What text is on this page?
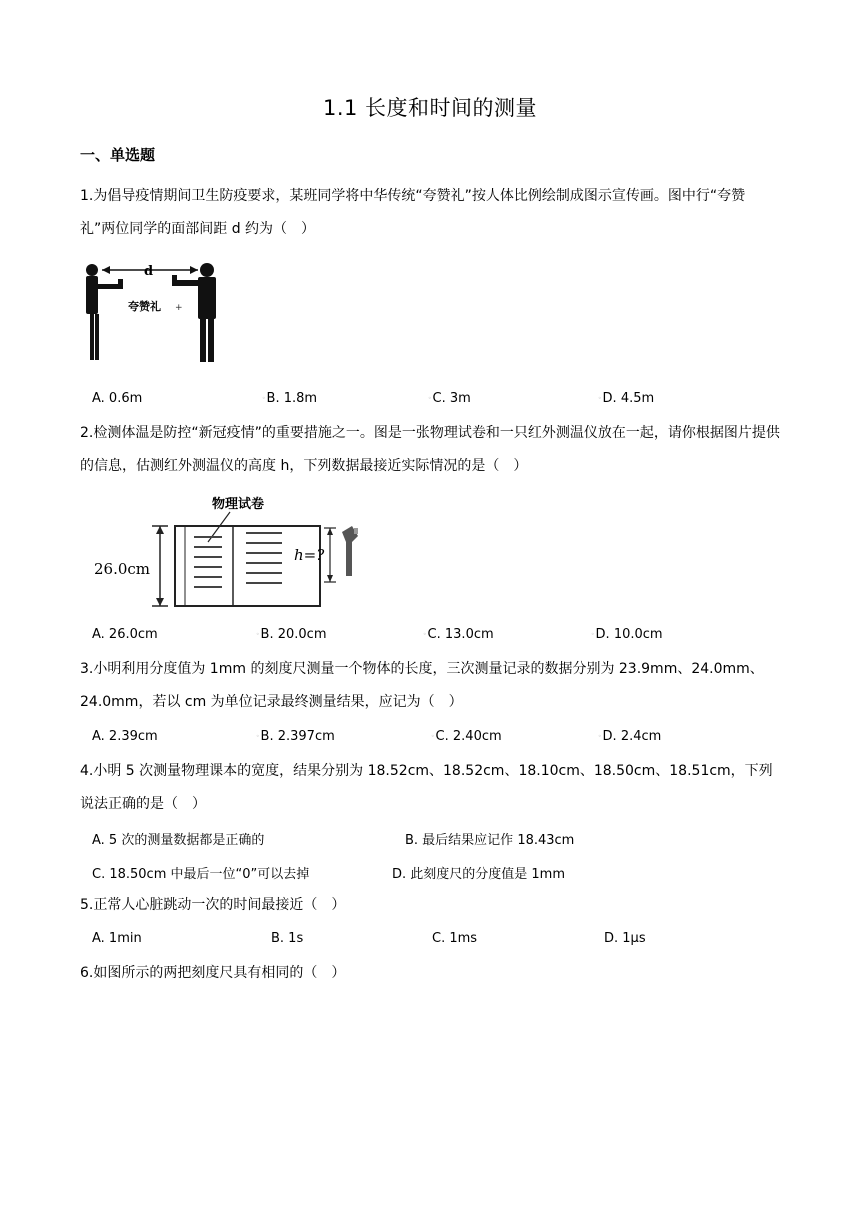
1.1 长度和时间的测量
一、单选题
1.为倡导疫情期间卫生防疫要求，某班同学将中华传统“夸赞礼”按人体比例绘制成图示宣传画。图中行“夸赞礼”两位同学的面部间距 d 约为（　）
d
夸赞礼 +
A. 0.6m	◦B. 1.8m	◦C. 3m	◦D. 4.5m
2.检测体温是防控“新冠疫情”的重要措施之一。图是一张物理试卷和一只红外测温仪放在一起，请你根据图片提供的信息，估测红外测温仪的高度 h，下列数据最接近实际情况的是（　）
物理试卷
26.0cm
h=?
A. 26.0cm	◦B. 20.0cm	◦C. 13.0cm	◦D. 10.0cm
3.小明利用分度值为 1mm 的刻度尺测量一个物体的长度，三次测量记录的数据分别为 23.9mm、24.0mm、24.0mm，若以 cm 为单位记录最终测量结果，应记为（　）
A. 2.39cm	◦B. 2.397cm	◦C. 2.40cm	◦D. 2.4cm
4.小明 5 次测量物理课本的宽度，结果分别为 18.52cm、18.52cm、18.10cm、18.50cm、18.51cm，下列说法正确的是（　）
A. 5 次的测量数据都是正确的	B. 最后结果应记作 18.43cm
C. 18.50cm 中最后一位“0”可以去掉	D. 此刻度尺的分度值是 1mm
5.正常人心脏跳动一次的时间最接近（　）
A. 1min	B. 1s	C. 1ms	D. 1μs
6.如图所示的两把刻度尺具有相同的（　）
